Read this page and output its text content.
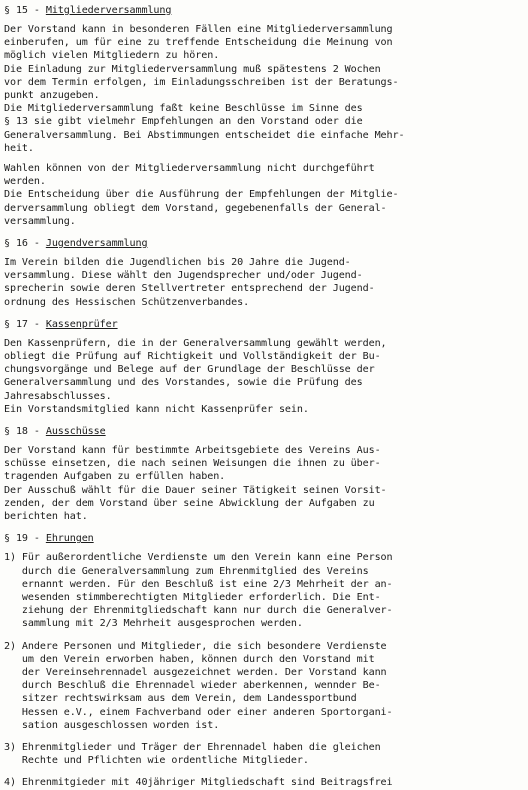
§ 15 - Mitgliederversammlung
Der Vorstand kann in besonderen Fällen eine Mitgliederversammlung
einberufen, um für eine zu treffende Entscheidung die Meinung von
möglich vielen Mitgliedern zu hören.
Die Einladung zur Mitgliederversammlung muß spätestens 2 Wochen
vor dem Termin erfolgen, im Einladungsschreiben ist der Beratungs-
punkt anzugeben.
Die Mitgliederversammlung faßt keine Beschlüsse im Sinne des
§ 13 sie gibt vielmehr Empfehlungen an den Vorstand oder die
Generalversammlung. Bei Abstimmungen entscheidet die einfache Mehr-
heit.
Wahlen können von der Mitgliederversammlung nicht durchgeführt
werden.
Die Entscheidung über die Ausführung der Empfehlungen der Mitglie-
derversammlung obliegt dem Vorstand, gegebenenfalls der General-
versammlung.
§ 16 - Jugendversammlung
Im Verein bilden die Jugendlichen bis 20 Jahre die Jugend-
versammlung. Diese wählt den Jugendsprecher und/oder Jugend-
sprecherin sowie deren Stellvertreter entsprechend der Jugend-
ordnung des Hessischen Schützenverbandes.
§ 17 - Kassenprüfer
Den Kassenprüfern, die in der Generalversammlung gewählt werden,
obliegt die Prüfung auf Richtigkeit und Vollständigkeit der Bu-
chungsvorgänge und Belege auf der Grundlage der Beschlüsse der
Generalversammlung und des Vorstandes, sowie die Prüfung des
Jahresabschlusses.
Ein Vorstandsmitglied kann nicht Kassenprüfer sein.
§ 18 - Ausschüsse
Der Vorstand kann für bestimmte Arbeitsgebiete des Vereins Aus-
schüsse einsetzen, die nach seinen Weisungen die ihnen zu über-
tragenden Aufgaben zu erfüllen haben.
Der Ausschuß wählt für die Dauer seiner Tätigkeit seinen Vorsit-
zenden, der dem Vorstand über seine Abwicklung der Aufgaben zu
berichten hat.
§ 19 - Ehrungen
1) Für außerordentliche Verdienste um den Verein kann eine Person
durch die Generalversammlung zum Ehrenmitglied des Vereins
ernannt werden. Für den Beschluß ist eine 2/3 Mehrheit der an-
wesenden stimmberechtigten Mitglieder erforderlich. Die Ent-
ziehung der Ehrenmitgliedschaft kann nur durch die Generalver-
sammlung mit 2/3 Mehrheit ausgesprochen werden.
2) Andere Personen und Mitglieder, die sich besondere Verdienste
um den Verein erworben haben, können durch den Vorstand mit
der Vereinsehrennadel ausgezeichnet werden. Der Vorstand kann
durch Beschluß die Ehrennadel wieder aberkennen, wennder Be-
sitzer rechtswirksam aus dem Verein, dem Landessportbund
Hessen e.V., einem Fachverband oder einer anderen Sportorgani-
sation ausgeschlossen worden ist.
3) Ehrenmitglieder und Träger der Ehrennadel haben die gleichen
Rechte und Pflichten wie ordentliche Mitglieder.
4) Ehrenmitgieder mit 40jähriger Mitgliedschaft sind Beitragsfrei
